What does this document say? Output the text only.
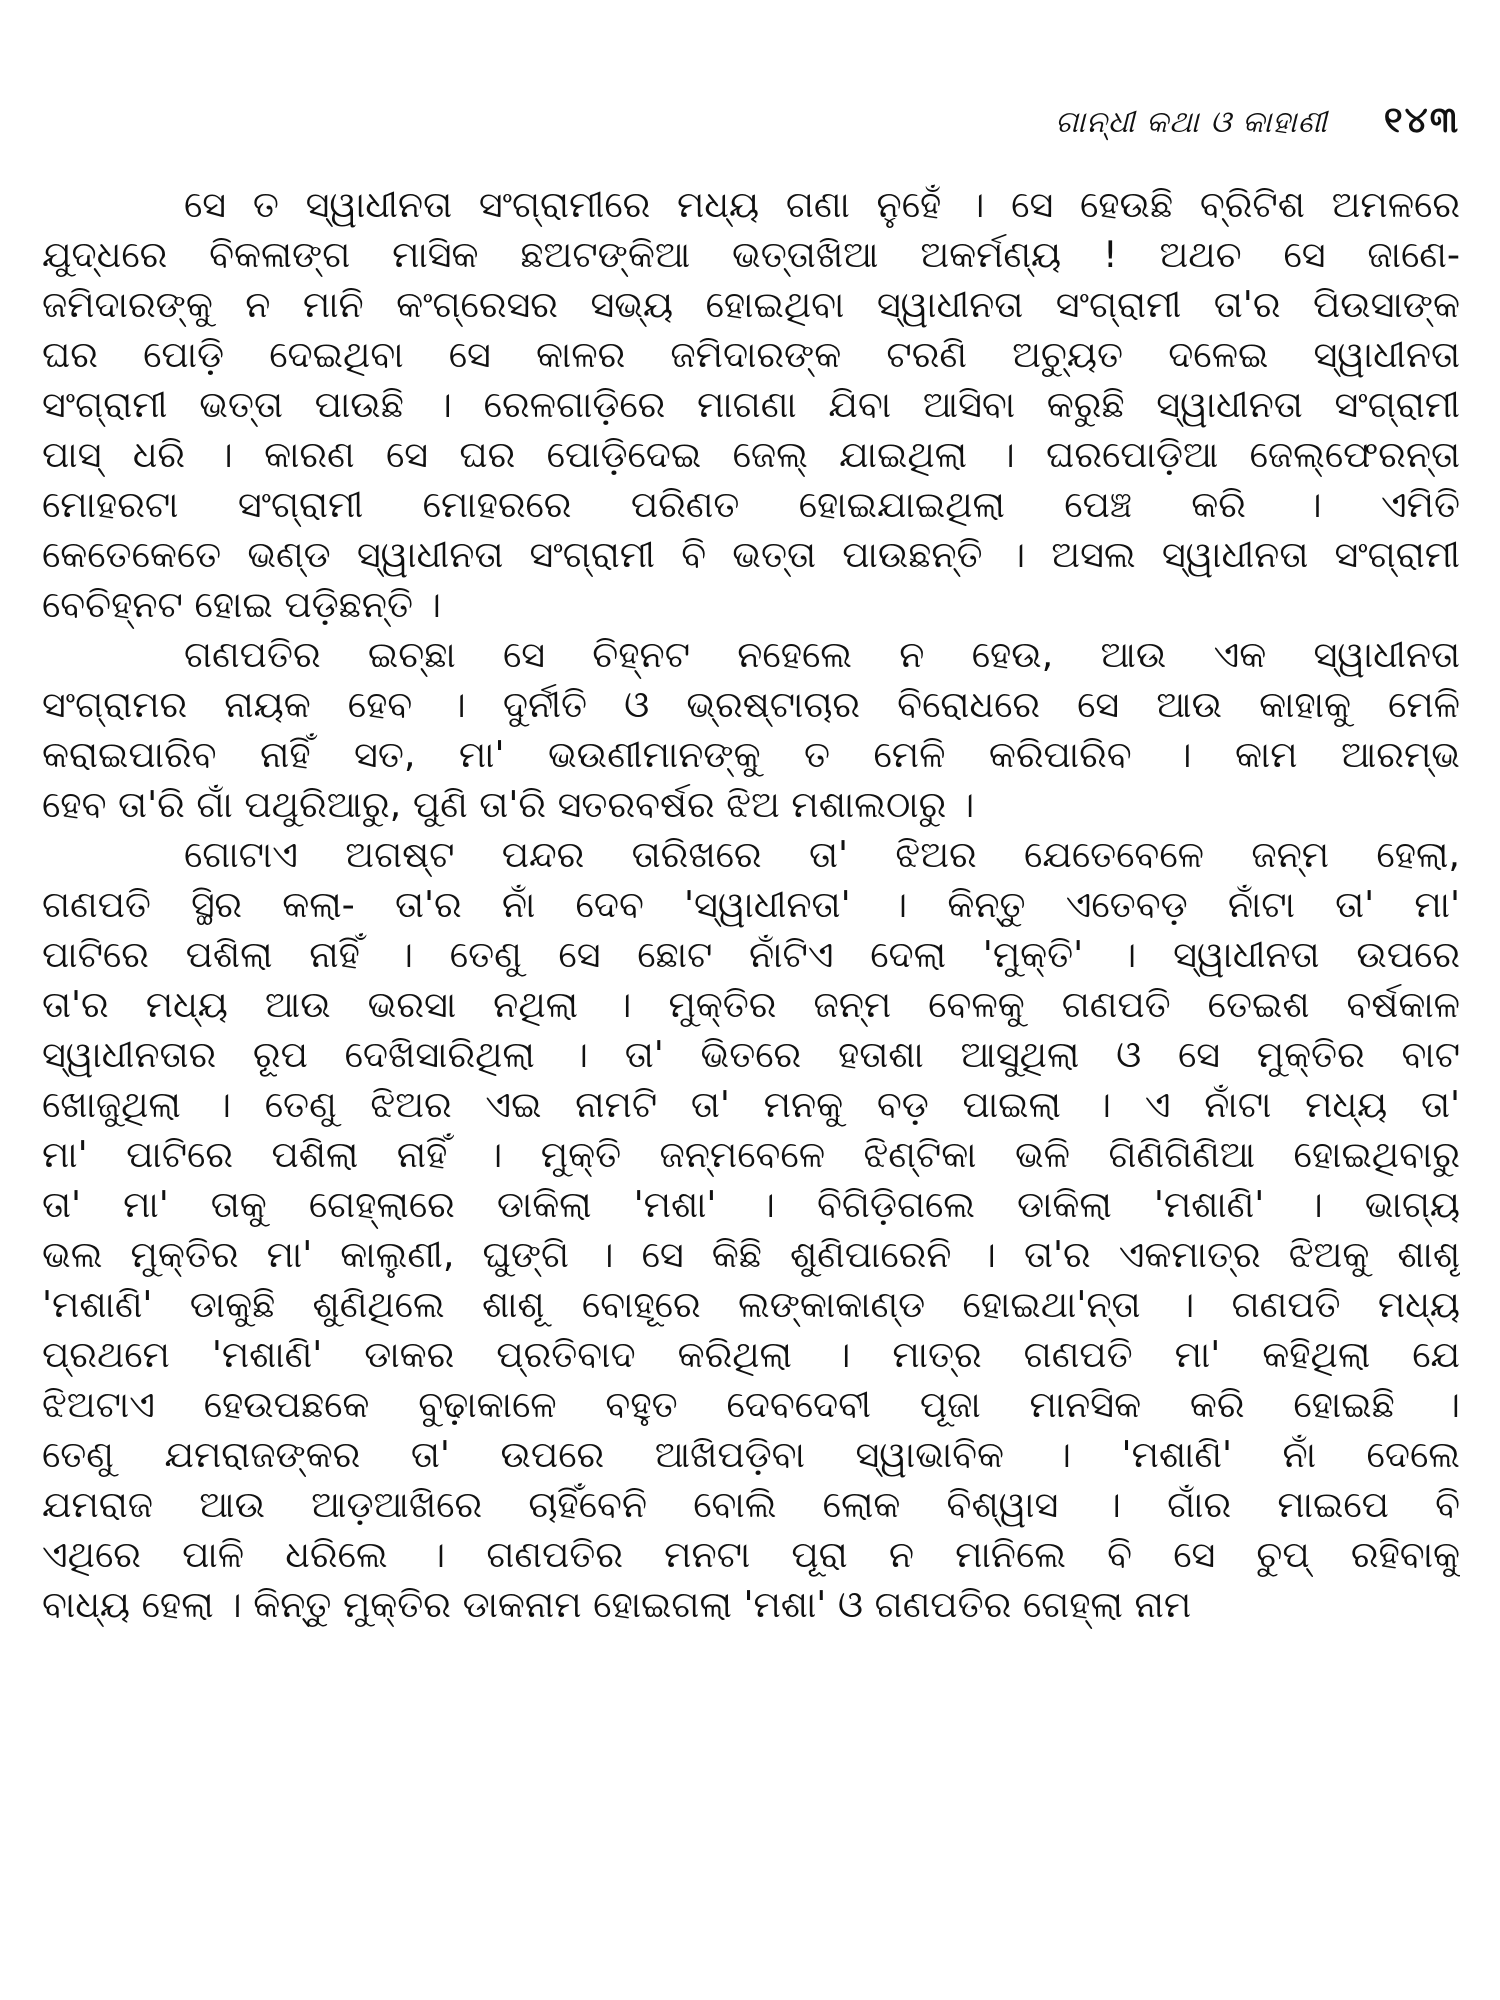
ଗାନ୍ଧୀ କଥା ଓ କାହାଣୀ ୧୪୩
ସେ ତ ସ୍ୱାଧୀନତା ସଂଗ୍ରାମୀରେ ମଧ୍ୟ ଗଣା ନୁହେଁ । ସେ ହେଉଛି ବ୍ରିଟିଶ ଅମଳରେ
ଯୁଦ୍ଧରେ ବିକଳାଙ୍ଗ ମାସିକ ଛଅଟଙ୍କିଆ ଭତ୍ତାଖିଆ ଅକର୍ମଣ୍ୟ ! ଅଥଚ ସେ ଜାଣେ-
ଜମିଦାରଙ୍କୁ ନ ମାନି କଂଗ୍ରେସର ସଭ୍ୟ ହୋଇଥିବା ସ୍ୱାଧୀନତା ସଂଗ୍ରାମୀ ତା'ର ପିଉସାଙ୍କ
ଘର ପୋଡ଼ି ଦେଇଥିବା ସେ କାଳର ଜମିଦାରଙ୍କ ଟରଣି ଅଚ୍ୟୁତ ଦଳେଇ ସ୍ୱାଧୀନତା
ସଂଗ୍ରାମୀ ଭତ୍ତା ପାଉଛି । ରେଳଗାଡ଼ିରେ ମାଗଣା ଯିବା ଆସିବା କରୁଛି ସ୍ୱାଧୀନତା ସଂଗ୍ରାମୀ
ପାସ୍ ଧରି । କାରଣ ସେ ଘର ପୋଡ଼ିଦେଇ ଜେଲ୍ ଯାଇଥିଲା । ଘରପୋଡ଼ିଆ ଜେଲ୍‌ଫେରନ୍ତା
ମୋହରଟା ସଂଗ୍ରାମୀ ମୋହରରେ ପରିଣତ ହୋଇଯାଇଥିଲା ପେଞ୍ଚ କରି । ଏମିତି
କେତେକେତେ ଭଣ୍ଡ ସ୍ୱାଧୀନତା ସଂଗ୍ରାମୀ ବି ଭତ୍ତା ପାଉଛନ୍ତି । ଅସଲ ସ୍ୱାଧୀନତା ସଂଗ୍ରାମୀ
ବେଚିହ୍ନଟ ହୋଇ ପଡ଼ିଛନ୍ତି ।
ଗଣପତିର ଇଚ୍ଛା ସେ ଚିହ୍ନଟ ନହେଲେ ନ ହେଉ, ଆଉ ଏକ ସ୍ୱାଧୀନତା
ସଂଗ୍ରାମର ନାୟକ ହେବ । ଦୁର୍ନୀତି ଓ ଭ୍ରଷ୍ଟାଚାର ବିରୋଧରେ ସେ ଆଉ କାହାକୁ ମେଳି
କରାଇପାରିବ ନାହିଁ ସତ, ମା' ଭଉଣୀମାନଙ୍କୁ ତ ମେଳି କରିପାରିବ । କାମ ଆରମ୍ଭ
ହେବ ତା'ରି ଗାଁ ପଥୁରିଆରୁ, ପୁଣି ତା'ରି ସତରବର୍ଷର ଝିଅ ମଶାଲଠାରୁ ।
ଗୋଟାଏ ଅଗଷ୍ଟ ପନ୍ଦର ତାରିଖରେ ତା' ଝିଅର ଯେତେବେଳେ ଜନ୍ମ ହେଲା,
ଗଣପତି ସ୍ଥିର କଲା- ତା'ର ନାଁ ଦେବ 'ସ୍ୱାଧୀନତା' । କିନ୍ତୁ ଏତେବଡ଼ ନାଁଟା ତା' ମା'
ପାଟିରେ ପଶିଲା ନାହିଁ । ତେଣୁ ସେ ଛୋଟ ନାଁଟିଏ ଦେଲା 'ମୁକ୍ତି' । ସ୍ୱାଧୀନତା ଉପରେ
ତା'ର ମଧ୍ୟ ଆଉ ଭରସା ନଥିଲା । ମୁକ୍ତିର ଜନ୍ମ ବେଳକୁ ଗଣପତି ତେଇଶ ବର୍ଷକାଳ
ସ୍ୱାଧୀନତାର ରୂପ ଦେଖିସାରିଥିଲା । ତା' ଭିତରେ ହତାଶା ଆସୁଥିଲା ଓ ସେ ମୁକ୍ତିର ବାଟ
ଖୋଜୁଥିଲା । ତେଣୁ ଝିଅର ଏଇ ନାମଟି ତା' ମନକୁ ବଡ଼ ପାଇଲା । ଏ ନାଁଟା ମଧ୍ୟ ତା'
ମା' ପାଟିରେ ପଶିଲା ନାହିଁ । ମୁକ୍ତି ଜନ୍ମବେଳେ ଝିଣ୍ଟିକା ଭଳି ଗିଣିଗିଣିଆ ହୋଇଥିବାରୁ
ତା' ମା' ତାକୁ ଗେହ୍ଲାରେ ଡାକିଲା 'ମଶା' । ବିଗିଡ଼ିଗଲେ ଡାକିଲା 'ମଶାଣି' । ଭାଗ୍ୟ
ଭଲ ମୁକ୍ତିର ମା' କାଲୁଣୀ, ଘୁଙ୍ଗି । ସେ କିଛି ଶୁଣିପାରେନି । ତା'ର ଏକମାତ୍ର ଝିଅକୁ ଶାଶୂ
'ମଶାଣି' ଡାକୁଛି ଶୁଣିଥିଲେ ଶାଶୂ ବୋହୂରେ ଲଙ୍କାକାଣ୍ଡ ହୋଇଥା'ନ୍ତା । ଗଣପତି ମଧ୍ୟ
ପ୍ରଥମେ 'ମଶାଣି' ଡାକର ପ୍ରତିବାଦ କରିଥିଲା । ମାତ୍ର ଗଣପତି ମା' କହିଥିଲା ଯେ
ଝିଅଟାଏ ହେଉପଛକେ ବୁଢ଼ାକାଳେ ବହୁତ ଦେବଦେବୀ ପୂଜା ମାନସିକ କରି ହୋଇଛି ।
ତେଣୁ ଯମରାଜଙ୍କର ତା' ଉପରେ ଆଖିପଡ଼ିବା ସ୍ୱାଭାବିକ । 'ମଶାଣି' ନାଁ ଦେଲେ
ଯମରାଜ ଆଉ ଆଡ଼ଆଖିରେ ଚାହିଁବେନି ବୋଲି ଲୋକ ବିଶ୍ୱାସ । ଗାଁର ମାଇପେ ବି
ଏଥିରେ ପାଳି ଧରିଲେ । ଗଣପତିର ମନଟା ପୂରା ନ ମାନିଲେ ବି ସେ ଚୁପ୍ ରହିବାକୁ
ବାଧ୍ୟ ହେଲା । କିନ୍ତୁ ମୁକ୍ତିର ଡାକନାମ ହୋଇଗଲା 'ମଶା' ଓ ଗଣପତିର ଗେହ୍ଲା ନାମ
